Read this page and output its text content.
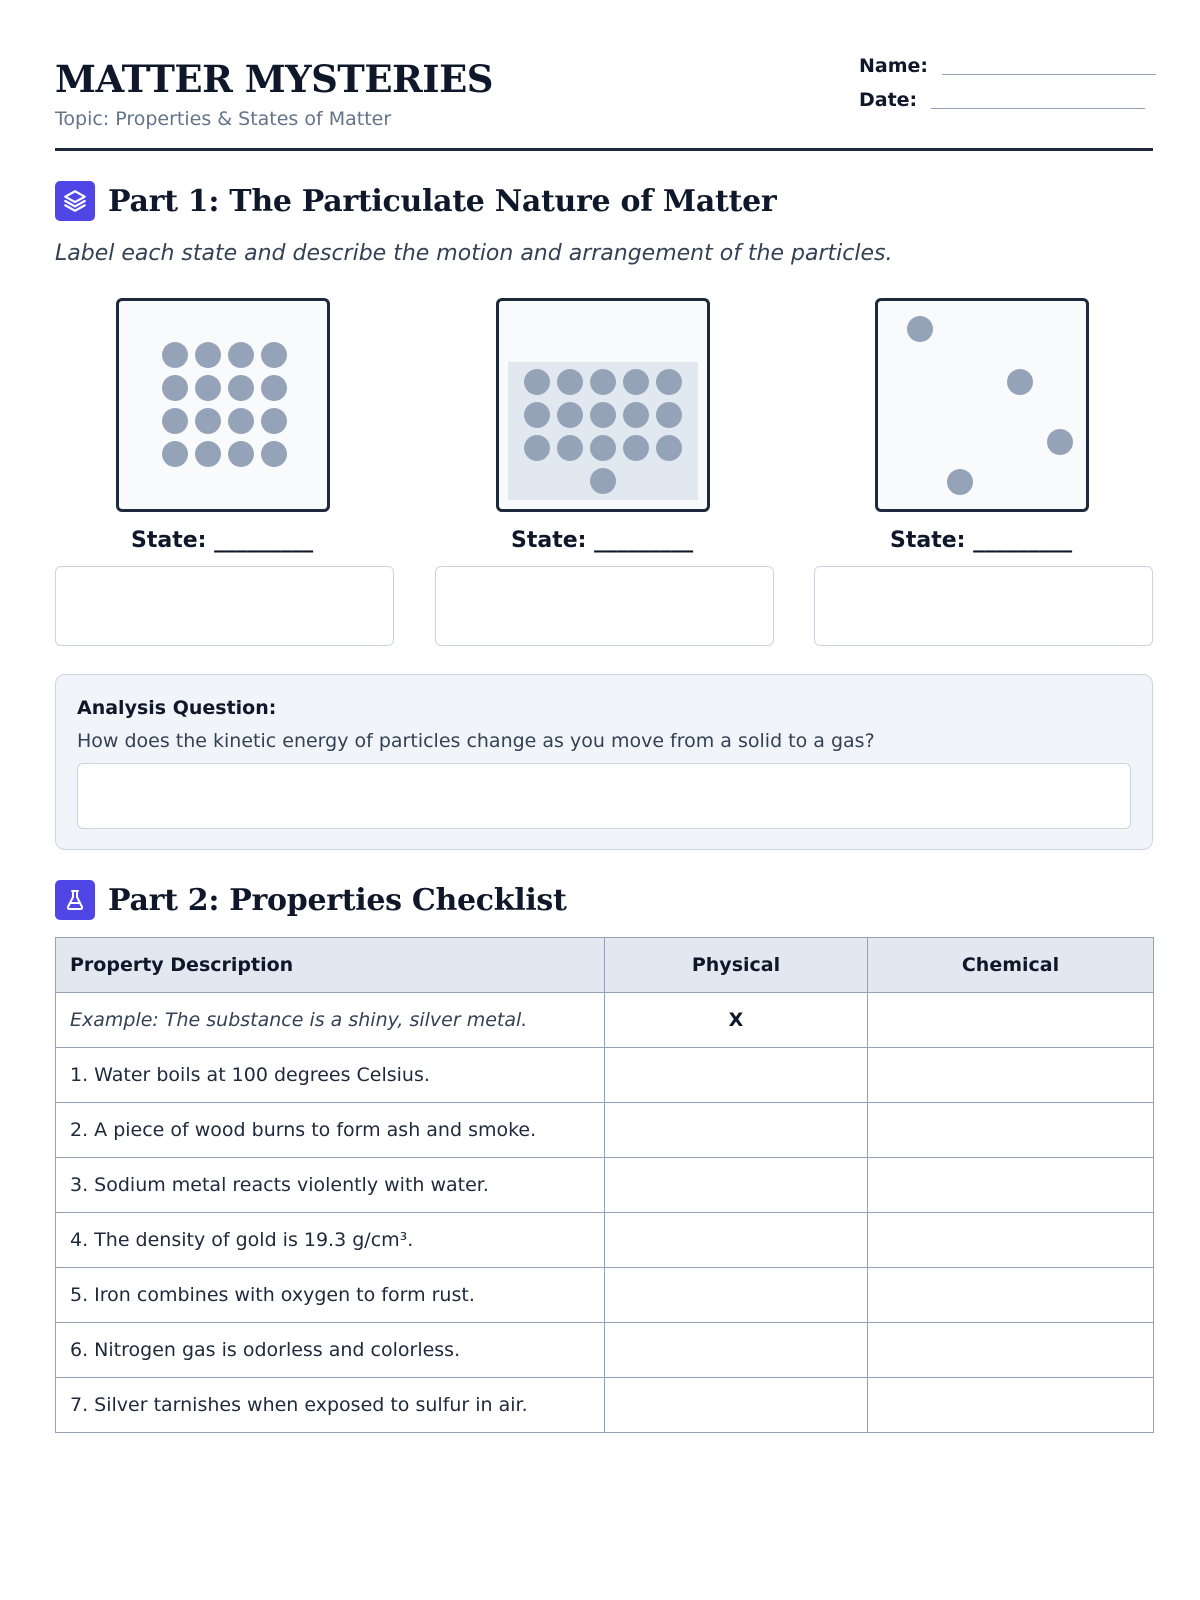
MATTER MYSTERIES
Topic: Properties & States of Matter
Name:
Date:
Part 1: The Particulate Nature of Matter
Label each state and describe the motion and arrangement of the particles.
State: _________	State: _________	State: _________
Analysis Question:
How does the kinetic energy of particles change as you move from a solid to a gas?
Part 2: Properties Checklist
Property Description	Physical	Chemical
Example: The substance is a shiny, silver metal.	X	
1. Water boils at 100 degrees Celsius.		
2. A piece of wood burns to form ash and smoke.		
3. Sodium metal reacts violently with water.		
4. The density of gold is 19.3 g/cm³.		
5. Iron combines with oxygen to form rust.		
6. Nitrogen gas is odorless and colorless.		
7. Silver tarnishes when exposed to sulfur in air.		
